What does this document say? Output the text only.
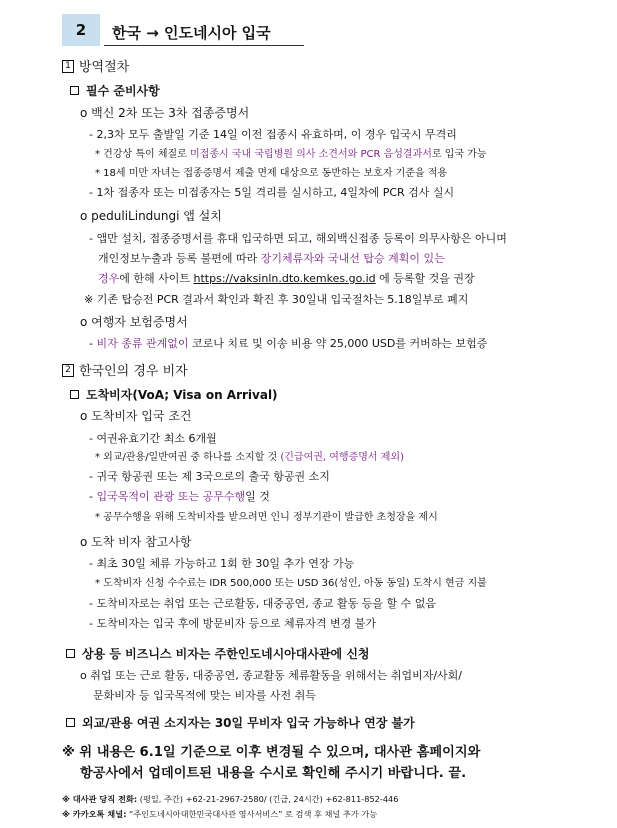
2	한국 → 인도네시아 입국
1 방역절차
필수 준비사항
o 백신 2차 또는 3차 접종증명서
- 2,3차 모두 출발일 기준 14일 이전 접종시 유효하며, 이 경우 입국시 무격리
* 건강상 특이 체질로 미접종시 국내 국립병원 의사 소견서와 PCR 음성결과서로 입국 가능
* 18세 미만 자녀는 접종증명서 제출 면제 대상으로 동반하는 보호자 기준을 적용
- 1차 접종자 또는 미접종자는 5일 격리를 실시하고, 4일차에 PCR 검사 실시
o peduliLindungi 앱 설치
- 앱만 설치, 접종증명서를 휴대 입국하면 되고, 해외백신접종 등록이 의무사항은 아니며
개인정보누출과 등록 불편에 따라 장기체류자와 국내선 탑승 계획이 있는
경우에 한해 사이트 https://vaksinln.dto.kemkes.go.id 에 등록할 것을 권장
※ 기존 탑승전 PCR 결과서 확인과 확진 후 30일내 입국절차는 5.18일부로 폐지
o 여행자 보험증명서
- 비자 종류 관계없이 코로나 치료 및 이송 비용 약 25,000 USD를 커버하는 보험증
2 한국인의 경우 비자
도착비자(VoA; Visa on Arrival)
o 도착비자 입국 조건
- 여권유효기간 최소 6개월
* 외교/관용/일반여권 중 하나를 소지할 것 (긴급여권, 여행증명서 제외)
- 귀국 항공권 또는 제 3국으로의 출국 항공권 소지
- 입국목적이 관광 또는 공무수행일 것
* 공무수행을 위해 도착비자를 받으려면 인니 정부기관이 발급한 초청장을 제시
o 도착 비자 참고사항
- 최초 30일 체류 가능하고 1회 한 30일 추가 연장 가능
* 도착비자 신청 수수료는 IDR 500,000 또는 USD 36(성인, 아동 동일) 도착시 현금 지불
- 도착비자로는 취업 또는 근로활동, 대중공연, 종교 활동 등을 할 수 없음
- 도착비자는 입국 후에 방문비자 등으로 체류자격 변경 불가
상용 등 비즈니스 비자는 주한인도네시아대사관에 신청
o 취업 또는 근로 활동, 대중공연, 종교활동 체류활동을 위해서는 취업비자/사회/
문화비자 등 입국목적에 맞는 비자를 사전 취득
외교/관용 여권 소지자는 30일 무비자 입국 가능하나 연장 불가
※ 위 내용은 6.1일 기준으로 이후 변경될 수 있으며, 대사관 홈페이지와
항공사에서 업데이트된 내용을 수시로 확인해 주시기 바랍니다. 끝.
※ 대사관 당직 전화: (평일, 주간) +62-21-2967-2580/ (긴급, 24시간) +62-811-852-446
※ 카카오톡 채널: “주인도네시아대한민국대사관 영사서비스” 로 검색 후 채널 추가 가능
